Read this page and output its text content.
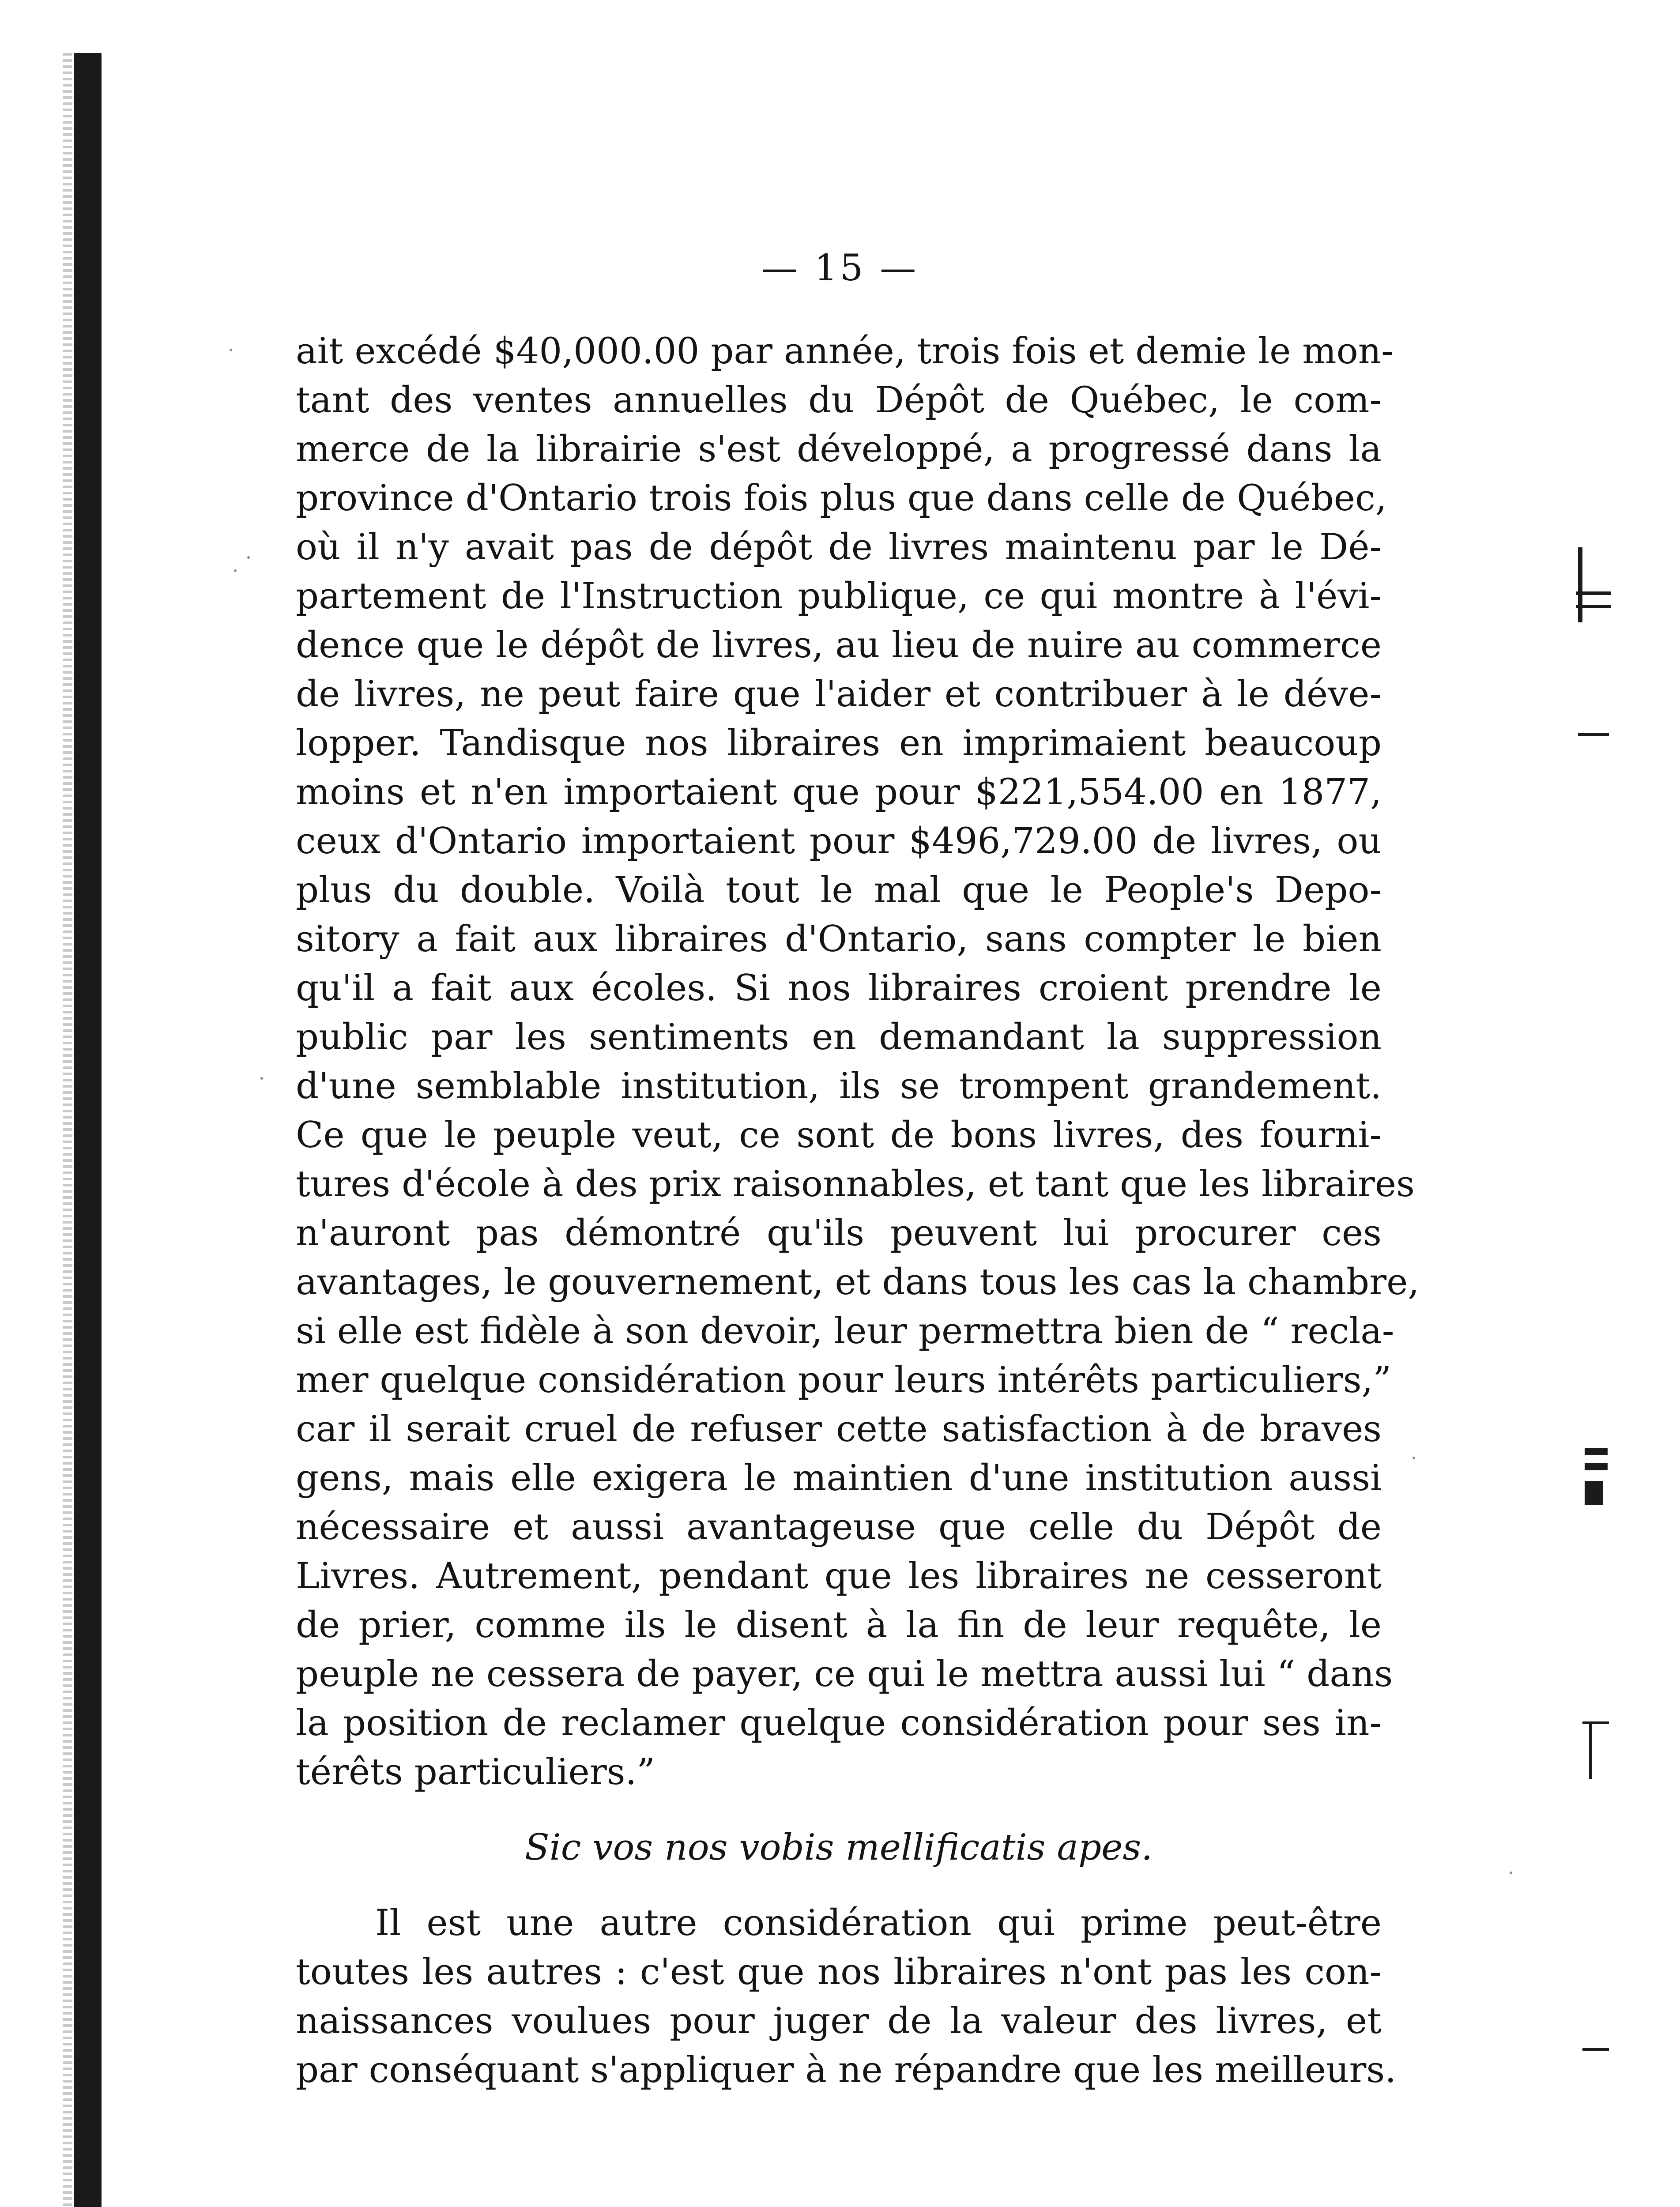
— 15 —
ait excédé $40,000.00 par année, trois fois et demie le mon-
tant des ventes annuelles du Dépôt de Québec, le com-
merce de la librairie s'est développé, a progressé dans la
province d'Ontario trois fois plus que dans celle de Québec,
où il n'y avait pas de dépôt de livres maintenu par le Dé-
partement de l'Instruction publique, ce qui montre à l'évi-
dence que le dépôt de livres, au lieu de nuire au commerce
de livres, ne peut faire que l'aider et contribuer à le déve-
lopper. Tandisque nos libraires en imprimaient beaucoup
moins et n'en importaient que pour $221,554.00 en 1877,
ceux d'Ontario importaient pour $496,729.00 de livres, ou
plus du double. Voilà tout le mal que le People's Depo-
sitory a fait aux libraires d'Ontario, sans compter le bien
qu'il a fait aux écoles. Si nos libraires croient prendre le
public par les sentiments en demandant la suppression
d'une semblable institution, ils se trompent grandement.
Ce que le peuple veut, ce sont de bons livres, des fourni-
tures d'école à des prix raisonnables, et tant que les libraires
n'auront pas démontré qu'ils peuvent lui procurer ces
avantages, le gouvernement, et dans tous les cas la chambre,
si elle est fidèle à son devoir, leur permettra bien de “ recla-
mer quelque considération pour leurs intérêts particuliers,”
car il serait cruel de refuser cette satisfaction à de braves
gens, mais elle exigera le maintien d'une institution aussi
nécessaire et aussi avantageuse que celle du Dépôt de
Livres. Autrement, pendant que les libraires ne cesseront
de prier, comme ils le disent à la fin de leur requête, le
peuple ne cessera de payer, ce qui le mettra aussi lui “ dans
la position de reclamer quelque considération pour ses in-
térêts particuliers.”
Sic vos nos vobis mellificatis apes.
Il est une autre considération qui prime peut-être
toutes les autres : c'est que nos libraires n'ont pas les con-
naissances voulues pour juger de la valeur des livres, et
par conséquant s'appliquer à ne répandre que les meilleurs.
